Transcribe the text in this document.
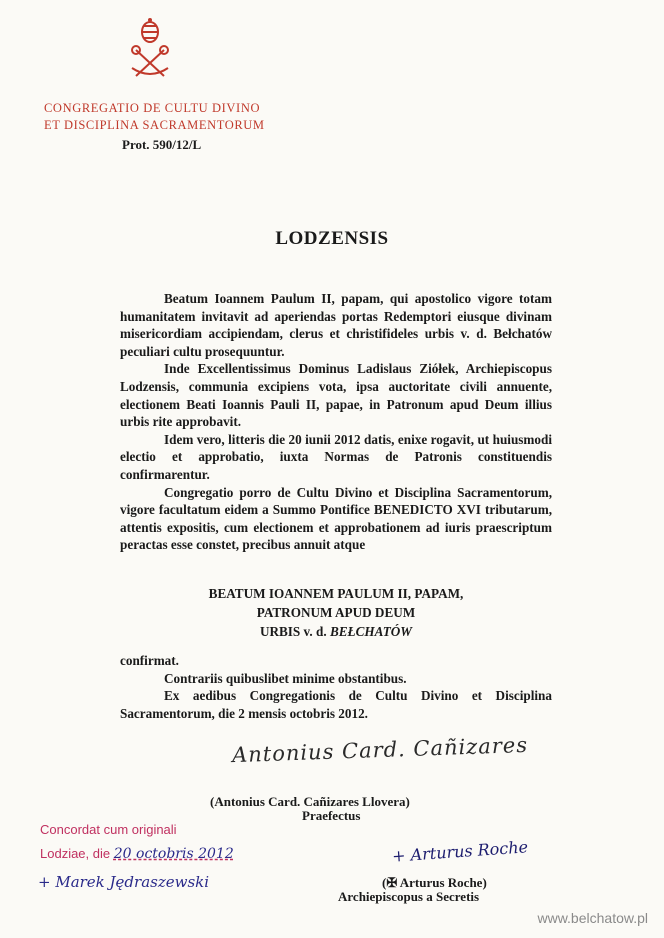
CONGREGATIO DE CULTU DIVINO
ET DISCIPLINA SACRAMENTORUM
Prot. 590/12/L
LODZENSIS

Beatum Ioannem Paulum II, papam, qui apostolico vigore totam humanitatem invitavit ad aperiendas portas Redemptori eiusque divinam misericordiam accipiendam, clerus et christifideles urbis v. d. Bełchatów peculiari cultu prosequuntur.

Inde Excellentissimus Dominus Ladislaus Ziółek, Archiepiscopus Lodzensis, communia excipiens vota, ipsa auctoritate civili annuente, electionem Beati Ioannis Pauli II, papae, in Patronum apud Deum illius urbis rite approbavit.

Idem vero, litteris die 20 iunii 2012 datis, enixe rogavit, ut huiusmodi electio et approbatio, iuxta Normas de Patronis constituendis confirmarentur.

Congregatio porro de Cultu Divino et Disciplina Sacramentorum, vigore facultatum eidem a Summo Pontifice BENEDICTO XVI tributarum, attentis expositis, cum electionem et approbationem ad iuris praescriptum peractas esse constet, precibus annuit atque

BEATUM IOANNEM PAULUM II, PAPAM,
PATRONUM APUD DEUM
URBIS v. d. BEŁCHATÓW

confirmat.

Contrariis quibuslibet minime obstantibus.

Ex aedibus Congregationis de Cultu Divino et Disciplina Sacramentorum, die 2 mensis octobris 2012.

Antonius Card. Cañizares
(Antonius Card. Cañizares Llovera)
Praefectus
Concordat cum originali
Lodziae, die 20 octobris 2012
+ Marek Jędraszewski
+ Arturus Roche
(✠ Arturus Roche)
Archiepiscopus a Secretis
www.belchatow.pl
